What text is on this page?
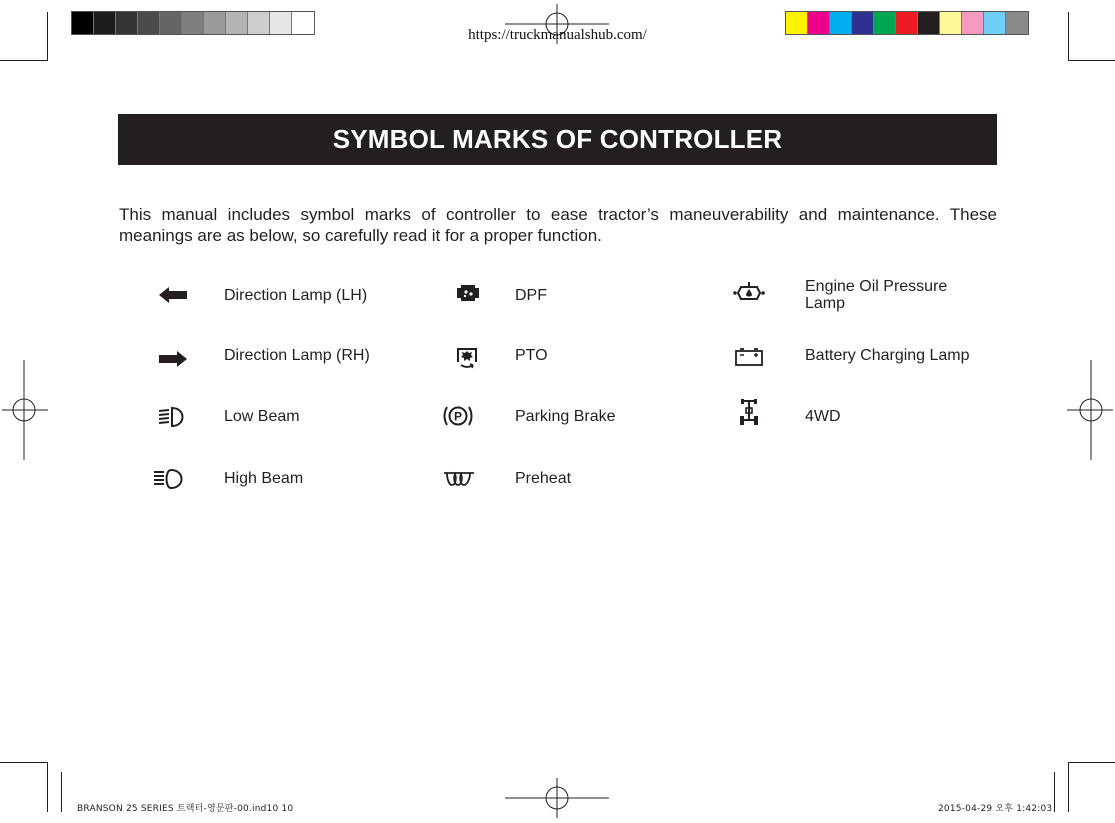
https://truckmanualshub.com/
SYMBOL MARKS OF CONTROLLER
This manual includes symbol marks of controller to ease tractor’s maneuverability and maintenance. These meanings are as below, so carefully read it for a proper function.
Direction Lamp (LH)
Direction Lamp (RH)
Low Beam
High Beam
DPF
PTO
P	Parking Brake
Preheat
Engine Oil Pressure Lamp
Battery Charging Lamp
4WD
BRANSON 25 SERIES 트랙터-영문판-00.ind10 10	2015-04-29 오후 1:42:03
